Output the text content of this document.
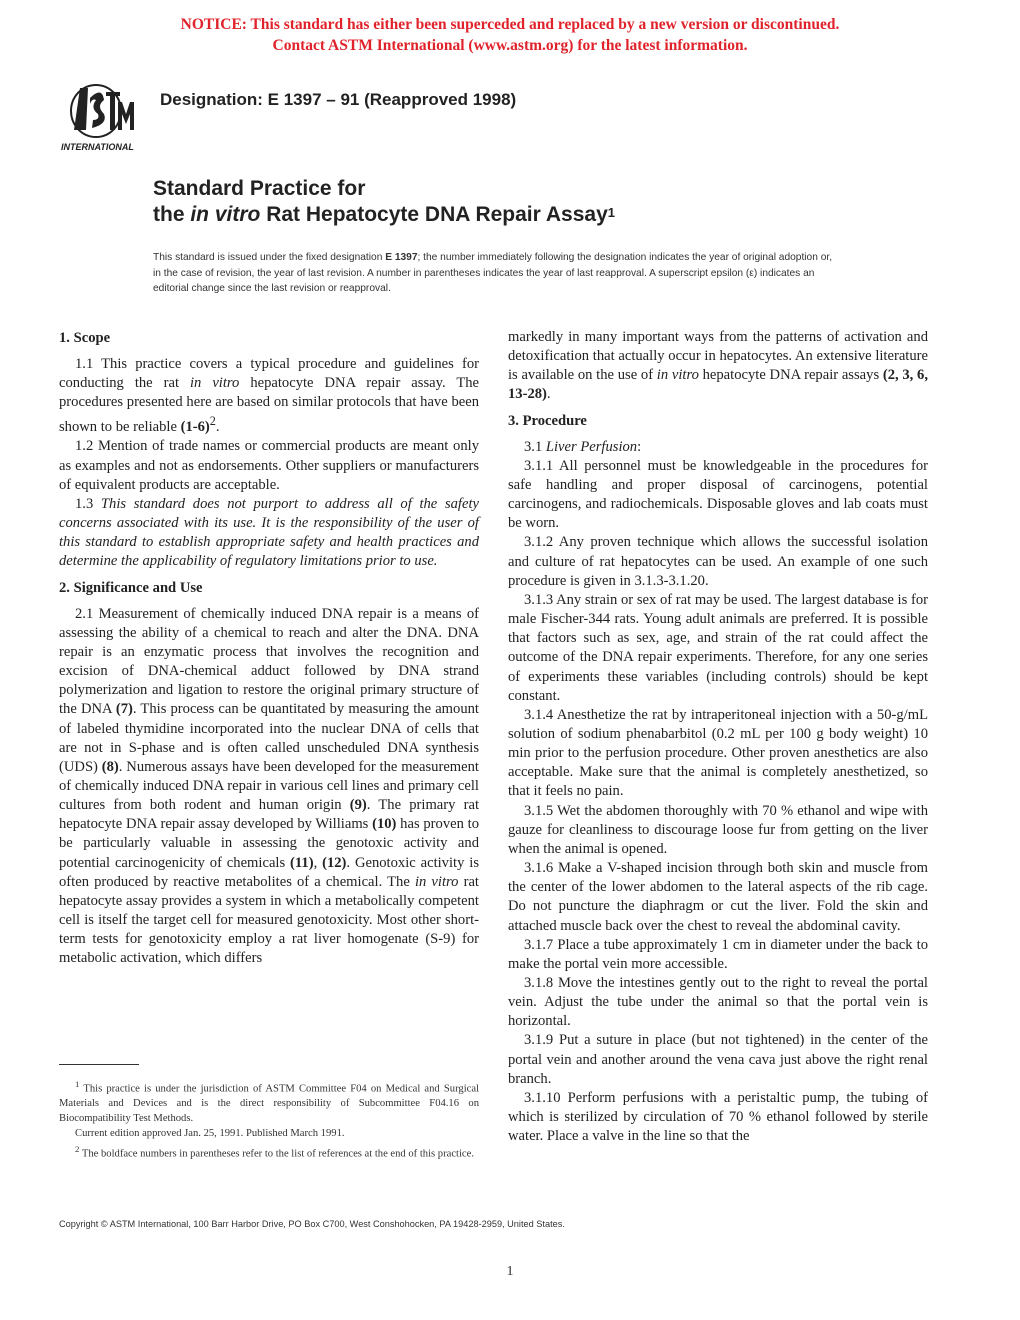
NOTICE: This standard has either been superceded and replaced by a new version or discontinued.
Contact ASTM International (www.astm.org) for the latest information.
INTERNATIONAL
Designation: E 1397 – 91 (Reapproved 1998)
Standard Practice for
the in vitro Rat Hepatocyte DNA Repair Assay$^1$
This standard is issued under the fixed designation E 1397; the number immediately following the designation indicates the year of original adoption or, in the case of revision, the year of last revision. A number in parentheses indicates the year of last reapproval. A superscript epsilon (ε) indicates an editorial change since the last revision or reapproval.
1. Scope

1.1 This practice covers a typical procedure and guidelines for conducting the rat in vitro hepatocyte DNA repair assay. The procedures presented here are based on similar protocols that have been shown to be reliable $(1-6)^2$.

1.2 Mention of trade names or commercial products are meant only as examples and not as endorsements. Other suppliers or manufacturers of equivalent products are acceptable.

1.3 This standard does not purport to address all of the safety concerns associated with its use. It is the responsibility of the user of this standard to establish appropriate safety and health practices and determine the applicability of regulatory limitations prior to use.

2. Significance and Use

2.1 Measurement of chemically induced DNA repair is a means of assessing the ability of a chemical to reach and alter the DNA. DNA repair is an enzymatic process that involves the recognition and excision of DNA-chemical adduct followed by DNA strand polymerization and ligation to restore the original primary structure of the DNA (7). This process can be quantitated by measuring the amount of labeled thymidine incorporated into the nuclear DNA of cells that are not in S-phase and is often called unscheduled DNA synthesis (UDS) (8). Numerous assays have been developed for the measurement of chemically induced DNA repair in various cell lines and primary cell cultures from both rodent and human origin (9). The primary rat hepatocyte DNA repair assay developed by Williams (10) has proven to be particularly valuable in assessing the genotoxic activity and potential carcinogenicity of chemicals (11), (12). Genotoxic activity is often produced by reactive metabolites of a chemical. The in vitro rat hepatocyte assay provides a system in which a metabolically competent cell is itself the target cell for measured genotoxicity. Most other short-term tests for genotoxicity employ a rat liver homogenate (S-9) for metabolic activation, which differs

markedly in many important ways from the patterns of activation and detoxification that actually occur in hepatocytes. An extensive literature is available on the use of in vitro hepatocyte DNA repair assays (2, 3, 6, 13-28).

3. Procedure

3.1 Liver Perfusion:

3.1.1 All personnel must be knowledgeable in the procedures for safe handling and proper disposal of carcinogens, potential carcinogens, and radiochemicals. Disposable gloves and lab coats must be worn.

3.1.2 Any proven technique which allows the successful isolation and culture of rat hepatocytes can be used. An example of one such procedure is given in 3.1.3-3.1.20.

3.1.3 Any strain or sex of rat may be used. The largest database is for male Fischer-344 rats. Young adult animals are preferred. It is possible that factors such as sex, age, and strain of the rat could affect the outcome of the DNA repair experiments. Therefore, for any one series of experiments these variables (including controls) should be kept constant.

3.1.4 Anesthetize the rat by intraperitoneal injection with a 50-g/mL solution of sodium phenabarbitol (0.2 mL per 100 g body weight) 10 min prior to the perfusion procedure. Other proven anesthetics are also acceptable. Make sure that the animal is completely anesthetized, so that it feels no pain.

3.1.5 Wet the abdomen thoroughly with 70 % ethanol and wipe with gauze for cleanliness to discourage loose fur from getting on the liver when the animal is opened.

3.1.6 Make a V-shaped incision through both skin and muscle from the center of the lower abdomen to the lateral aspects of the rib cage. Do not puncture the diaphragm or cut the liver. Fold the skin and attached muscle back over the chest to reveal the abdominal cavity.

3.1.7 Place a tube approximately 1 cm in diameter under the back to make the portal vein more accessible.

3.1.8 Move the intestines gently out to the right to reveal the portal vein. Adjust the tube under the animal so that the portal vein is horizontal.

3.1.9 Put a suture in place (but not tightened) in the center of the portal vein and another around the vena cava just above the right renal branch.

3.1.10 Perform perfusions with a peristaltic pump, the tubing of which is sterilized by circulation of 70 % ethanol followed by sterile water. Place a valve in the line so that the

$^1$ This practice is under the jurisdiction of ASTM Committee F04 on Medical and Surgical Materials and Devices and is the direct responsibility of Subcommittee F04.16 on Biocompatibility Test Methods.

Current edition approved Jan. 25, 1991. Published March 1991.

$^2$ The boldface numbers in parentheses refer to the list of references at the end of this practice.

Copyright © ASTM International, 100 Barr Harbor Drive, PO Box C700, West Conshohocken, PA 19428-2959, United States.
1
